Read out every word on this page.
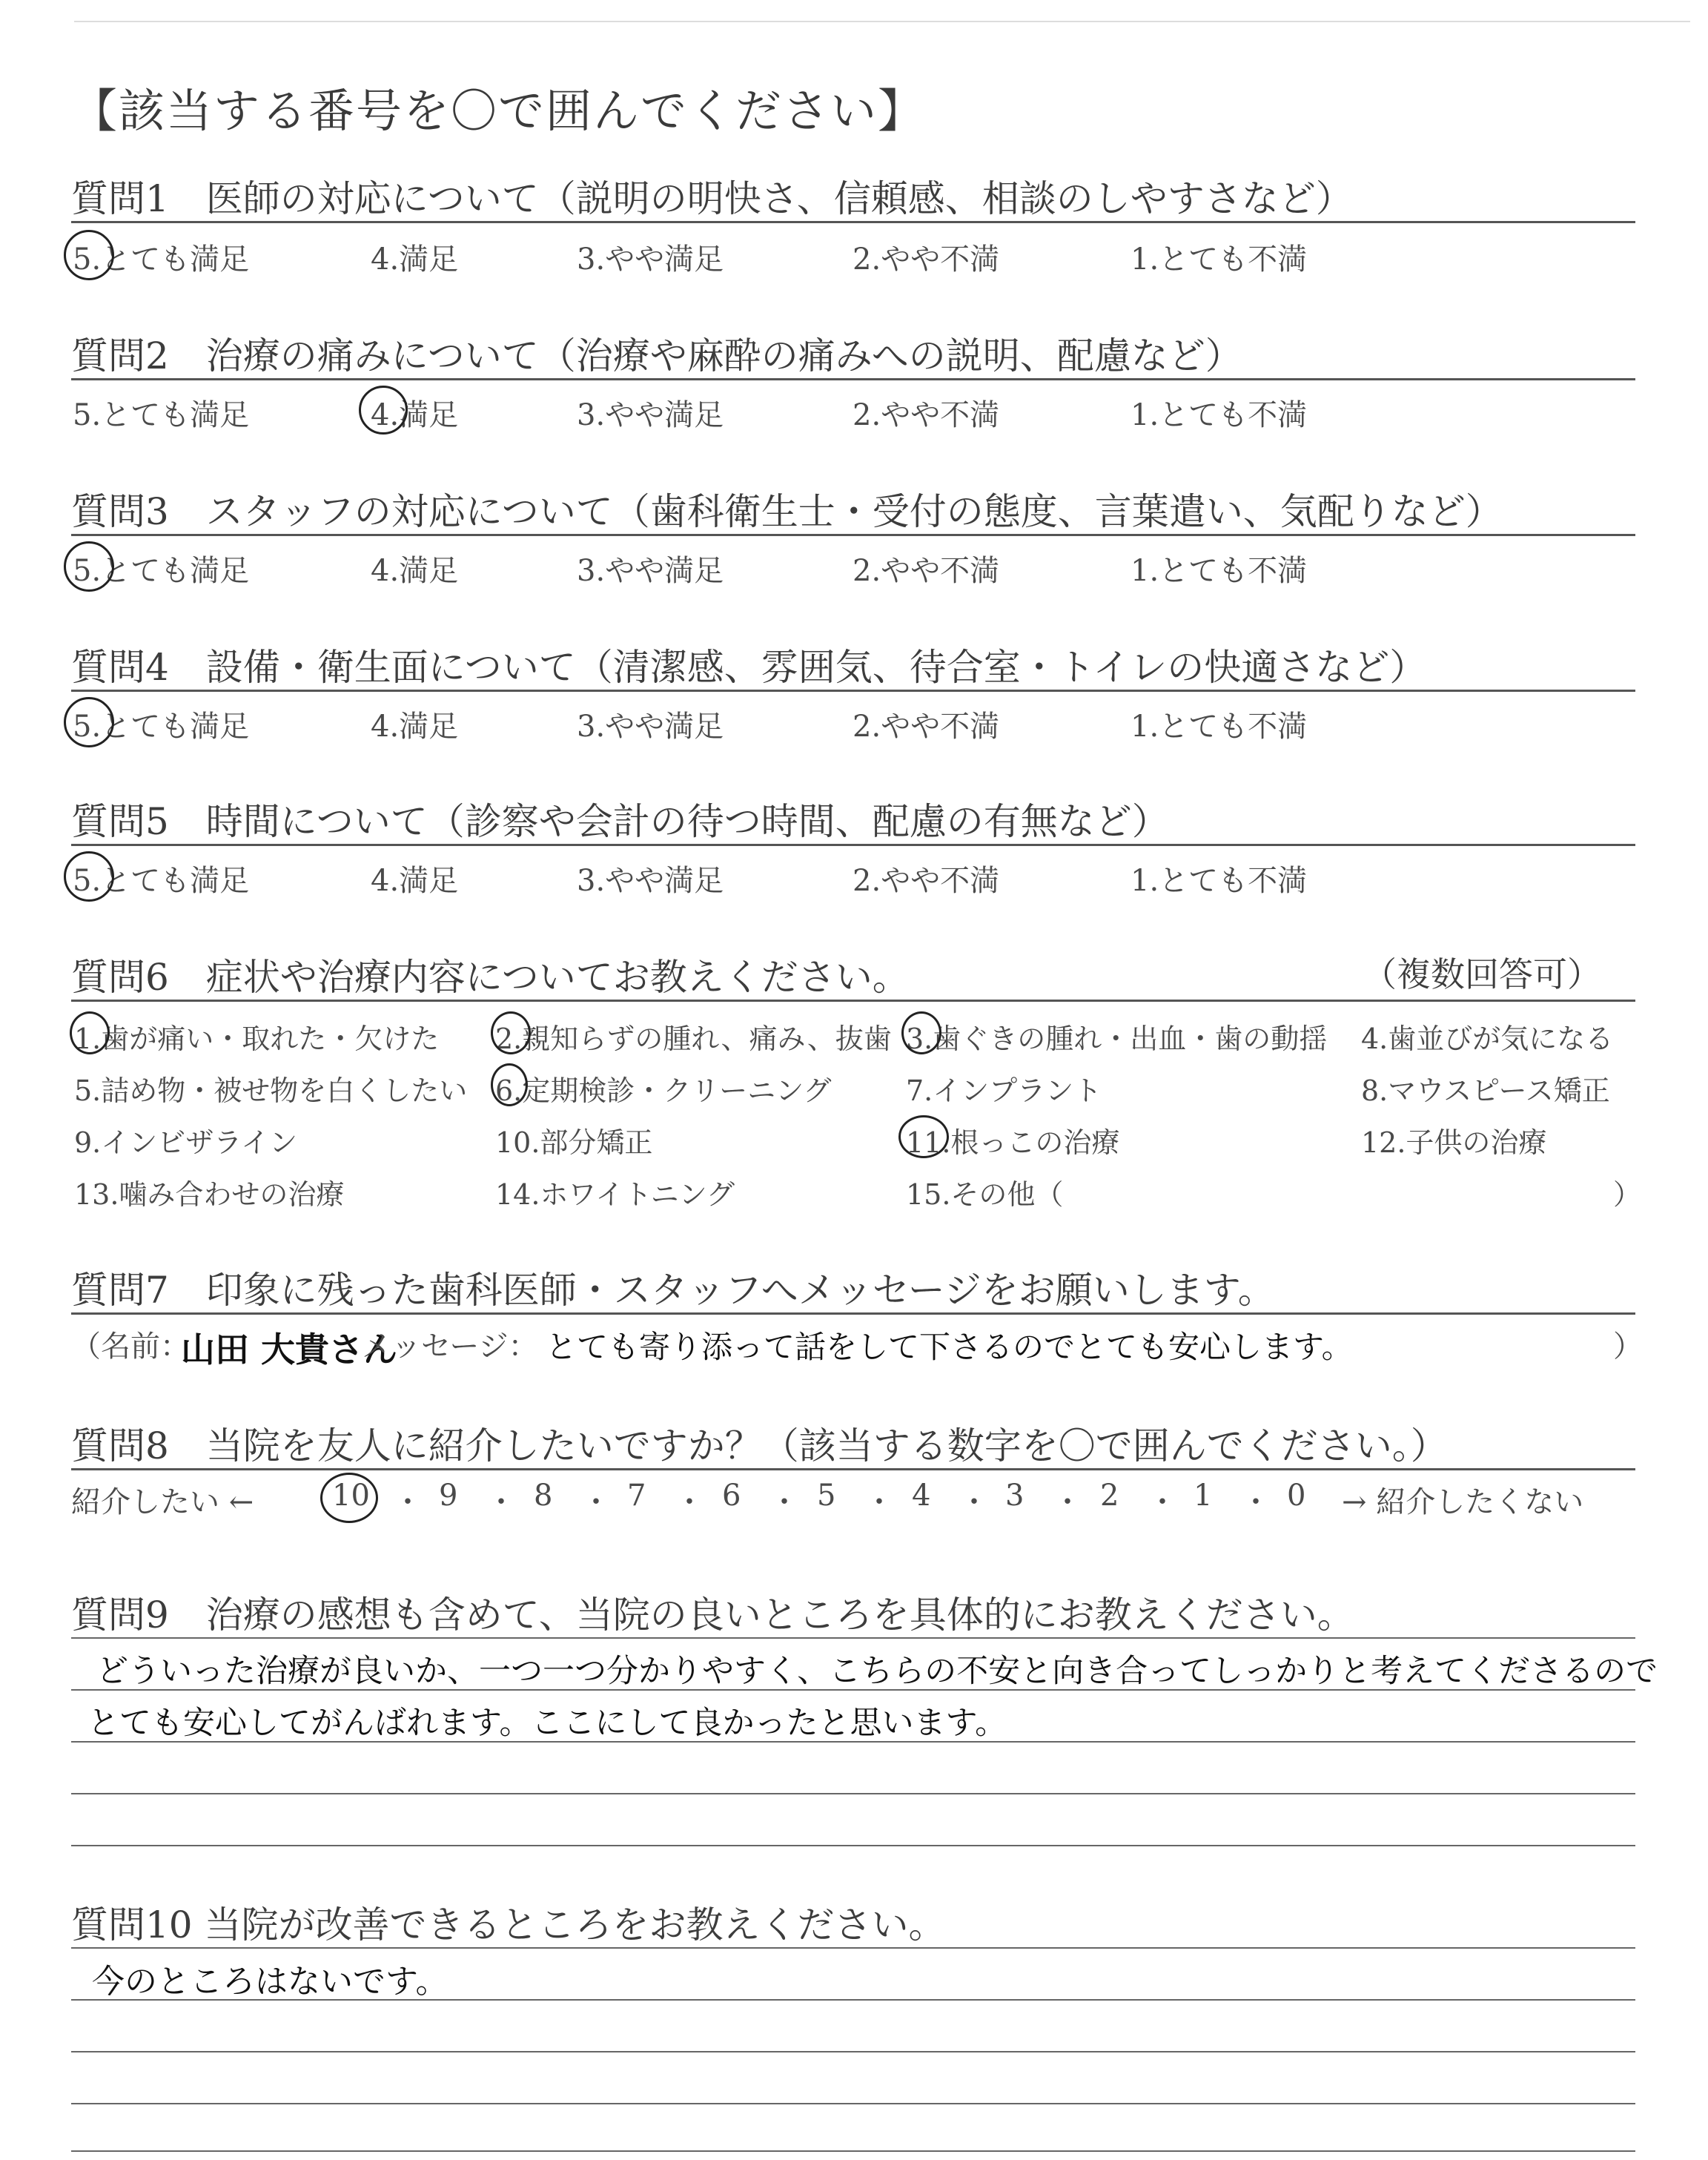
【該当する番号を〇で囲んでください】
質問1　医師の対応について（説明の明快さ、信頼感、相談のしやすさなど）
5.とても満足	4.満足	3.やや満足	2.やや不満	1.とても不満
質問2　治療の痛みについて（治療や麻酔の痛みへの説明、配慮など）
5.とても満足	4.満足	3.やや満足	2.やや不満	1.とても不満
質問3　スタッフの対応について（歯科衛生士・受付の態度、言葉遣い、気配りなど）
5.とても満足	4.満足	3.やや満足	2.やや不満	1.とても不満
質問4　設備・衛生面について（清潔感、雰囲気、待合室・トイレの快適さなど）
5.とても満足	4.満足	3.やや満足	2.やや不満	1.とても不満
質問5　時間について（診察や会計の待つ時間、配慮の有無など）
5.とても満足	4.満足	3.やや満足	2.やや不満	1.とても不満
質問6　症状や治療内容についてお教えください。	（複数回答可）
1.歯が痛い・取れた・欠けた 2.親知らずの腫れ、痛み、抜歯 3.歯ぐきの腫れ・出血・歯の動揺 4.歯並びが気になる
5.詰め物・被せ物を白くしたい 6.定期検診・クリーニング	7.インプラント	8.マウスピース矯正
9.インビザライン	10.部分矯正	11.根っこの治療	12.子供の治療
13.噛み合わせの治療	14.ホワイトニング	15.その他（	）
質問7　印象に残った歯科医師・スタッフへメッセージをお願いします。
（名前：
山田 大貴さん
メッセージ： とても寄り添って話をして下さるのでとても安心します。	）
質問8　当院を友人に紹介したいですか？（該当する数字を〇で囲んでください。）
紹介したい ←	10 ・ 9 ・ 8 ・ 7 ・ 6 ・ 5 ・ 4 ・ 3 ・ 2 ・ 1 ・ 0 → 紹介したくない
質問9　治療の感想も含めて、当院の良いところを具体的にお教えください。
どういった治療が良いか、一つ一つ分かりやすく、こちらの不安と向き合ってしっかりと考えてくださるので
とても安心してがんばれます。ここにして良かったと思います。
質問10 当院が改善できるところをお教えください。
今のところはないです。
